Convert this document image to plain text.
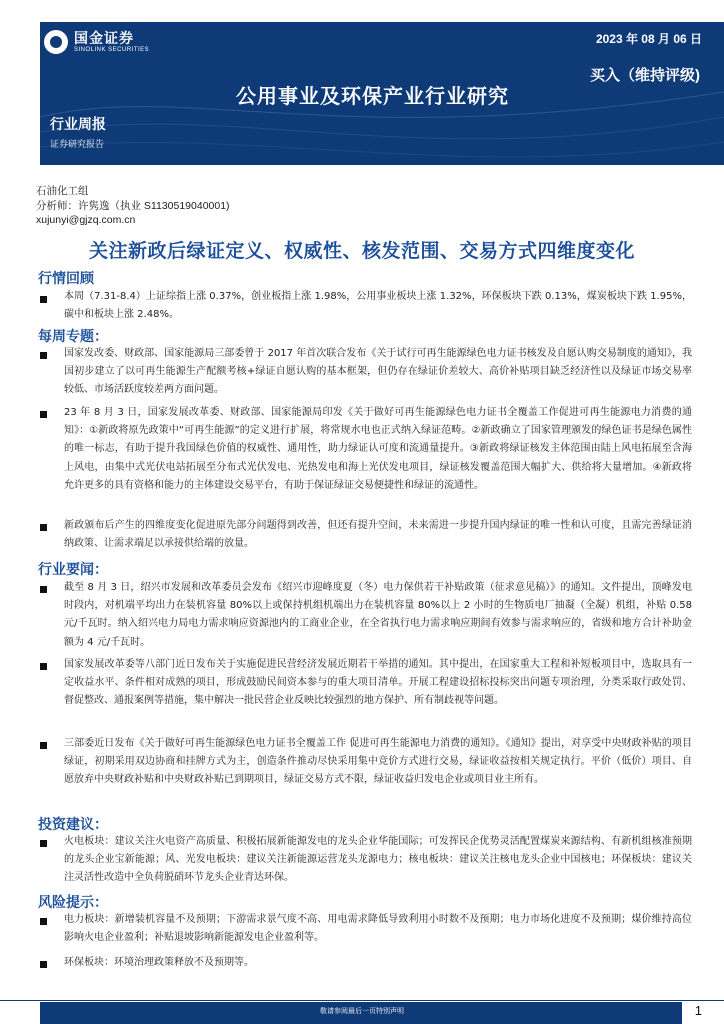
国金证券
SINOLINK SECURITIES
2023 年 08 月 06 日
公用事业及环保产业行业研究
买入（维持评级)
行业周报
证券研究报告
石油化工组
分析师：许隽逸（执业 S1130519040001)
xujunyi@gjzq.com.cn
关注新政后绿证定义、权威性、核发范围、交易方式四维度变化
行情回顾
本周（7.31-8.4）上证综指上涨 0.37%，创业板指上涨 1.98%，公用事业板块上涨 1.32%，环保板块下跌 0.13%，煤炭板块下跌 1.95%，碳中和板块上涨 2.48%。
每周专题：
国家发改委、财政部、国家能源局三部委曾于 2017 年首次联合发布《关于试行可再生能源绿色电力证书核发及自愿认购交易制度的通知》，我国初步建立了以可再生能源生产配额考核+绿证自愿认购的基本框架，但仍存在绿证价差较大、高价补贴项目缺乏经济性以及绿证市场交易率较低、市场活跃度较差两方面问题。
23 年 8 月 3 日，国家发展改革委、财政部、国家能源局印发《关于做好可再生能源绿色电力证书全覆盖工作促进可再生能源电力消费的通知》：①新政将原先政策中“可再生能源”的定义进行扩展，将常规水电也正式纳入绿证范畴。②新政确立了国家管理颁发的绿色证书是绿色属性的唯一标志，有助于提升我国绿色价值的权威性、通用性，助力绿证认可度和流通量提升。③新政将绿证核发主体范围由陆上风电拓展至含海上风电，由集中式光伏电站拓展至分布式光伏发电、光热发电和海上光伏发电项目，绿证核发覆盖范围大幅扩大、供给将大量增加。④新政将允许更多的具有资格和能力的主体建设交易平台，有助于保证绿证交易便捷性和绿证的流通性。
新政颁布后产生的四维度变化促进原先部分问题得到改善，但还有提升空间，未来需进一步提升国内绿证的唯一性和认可度，且需完善绿证消纳政策、让需求端足以承接供给端的放量。
行业要闻：
截至 8 月 3 日，绍兴市发展和改革委员会发布《绍兴市迎峰度夏（冬）电力保供若干补贴政策（征求意见稿）》的通知。文件提出，顶峰发电时段内，对机端平均出力在装机容量 80%以上或保持机组机端出力在装机容量 80%以上 2 小时的生物质电厂抽凝（全凝）机组，补贴 0.58 元/千瓦时。纳入绍兴电力局电力需求响应资源池内的工商业企业，在全省执行电力需求响应期间有效参与需求响应的，省级和地方合计补助金额为 4 元/千瓦时。
国家发展改革委等八部门近日发布关于实施促进民营经济发展近期若干举措的通知。其中提出，在国家重大工程和补短板项目中，选取具有一定收益水平、条件相对成熟的项目，形成鼓励民间资本参与的重大项目清单。开展工程建设招标投标突出问题专项治理，分类采取行政处罚、督促整改、通报案例等措施，集中解决一批民营企业反映比较强烈的地方保护、所有制歧视等问题。
三部委近日发布《关于做好可再生能源绿色电力证书全覆盖工作 促进可再生能源电力消费的通知》。《通知》提出，对享受中央财政补贴的项目绿证，初期采用双边协商和挂牌方式为主，创造条件推动尽快采用集中竞价方式进行交易，绿证收益按相关规定执行。平价（低价）项目、自愿放弃中央财政补贴和中央财政补贴已到期项目，绿证交易方式不限，绿证收益归发电企业或项目业主所有。
投资建议：
火电板块：建议关注火电资产高质量、积极拓展新能源发电的龙头企业华能国际；可发挥民企优势灵活配置煤炭来源结构、有新机组核准预期的龙头企业宝新能源；风、光发电板块：建议关注新能源运营龙头龙源电力；核电板块：建议关注核电龙头企业中国核电；环保板块：建议关注灵活性改造中全负荷脱硝环节龙头企业青达环保。
风险提示：
电力板块：新增装机容量不及预期；下游需求景气度不高、用电需求降低导致利用小时数不及预期；电力市场化进度不及预期；煤价维持高位影响火电企业盈利；补贴退坡影响新能源发电企业盈利等。
环保板块：环境治理政策释放不及预期等。
敬请参阅最后一页特别声明	1
